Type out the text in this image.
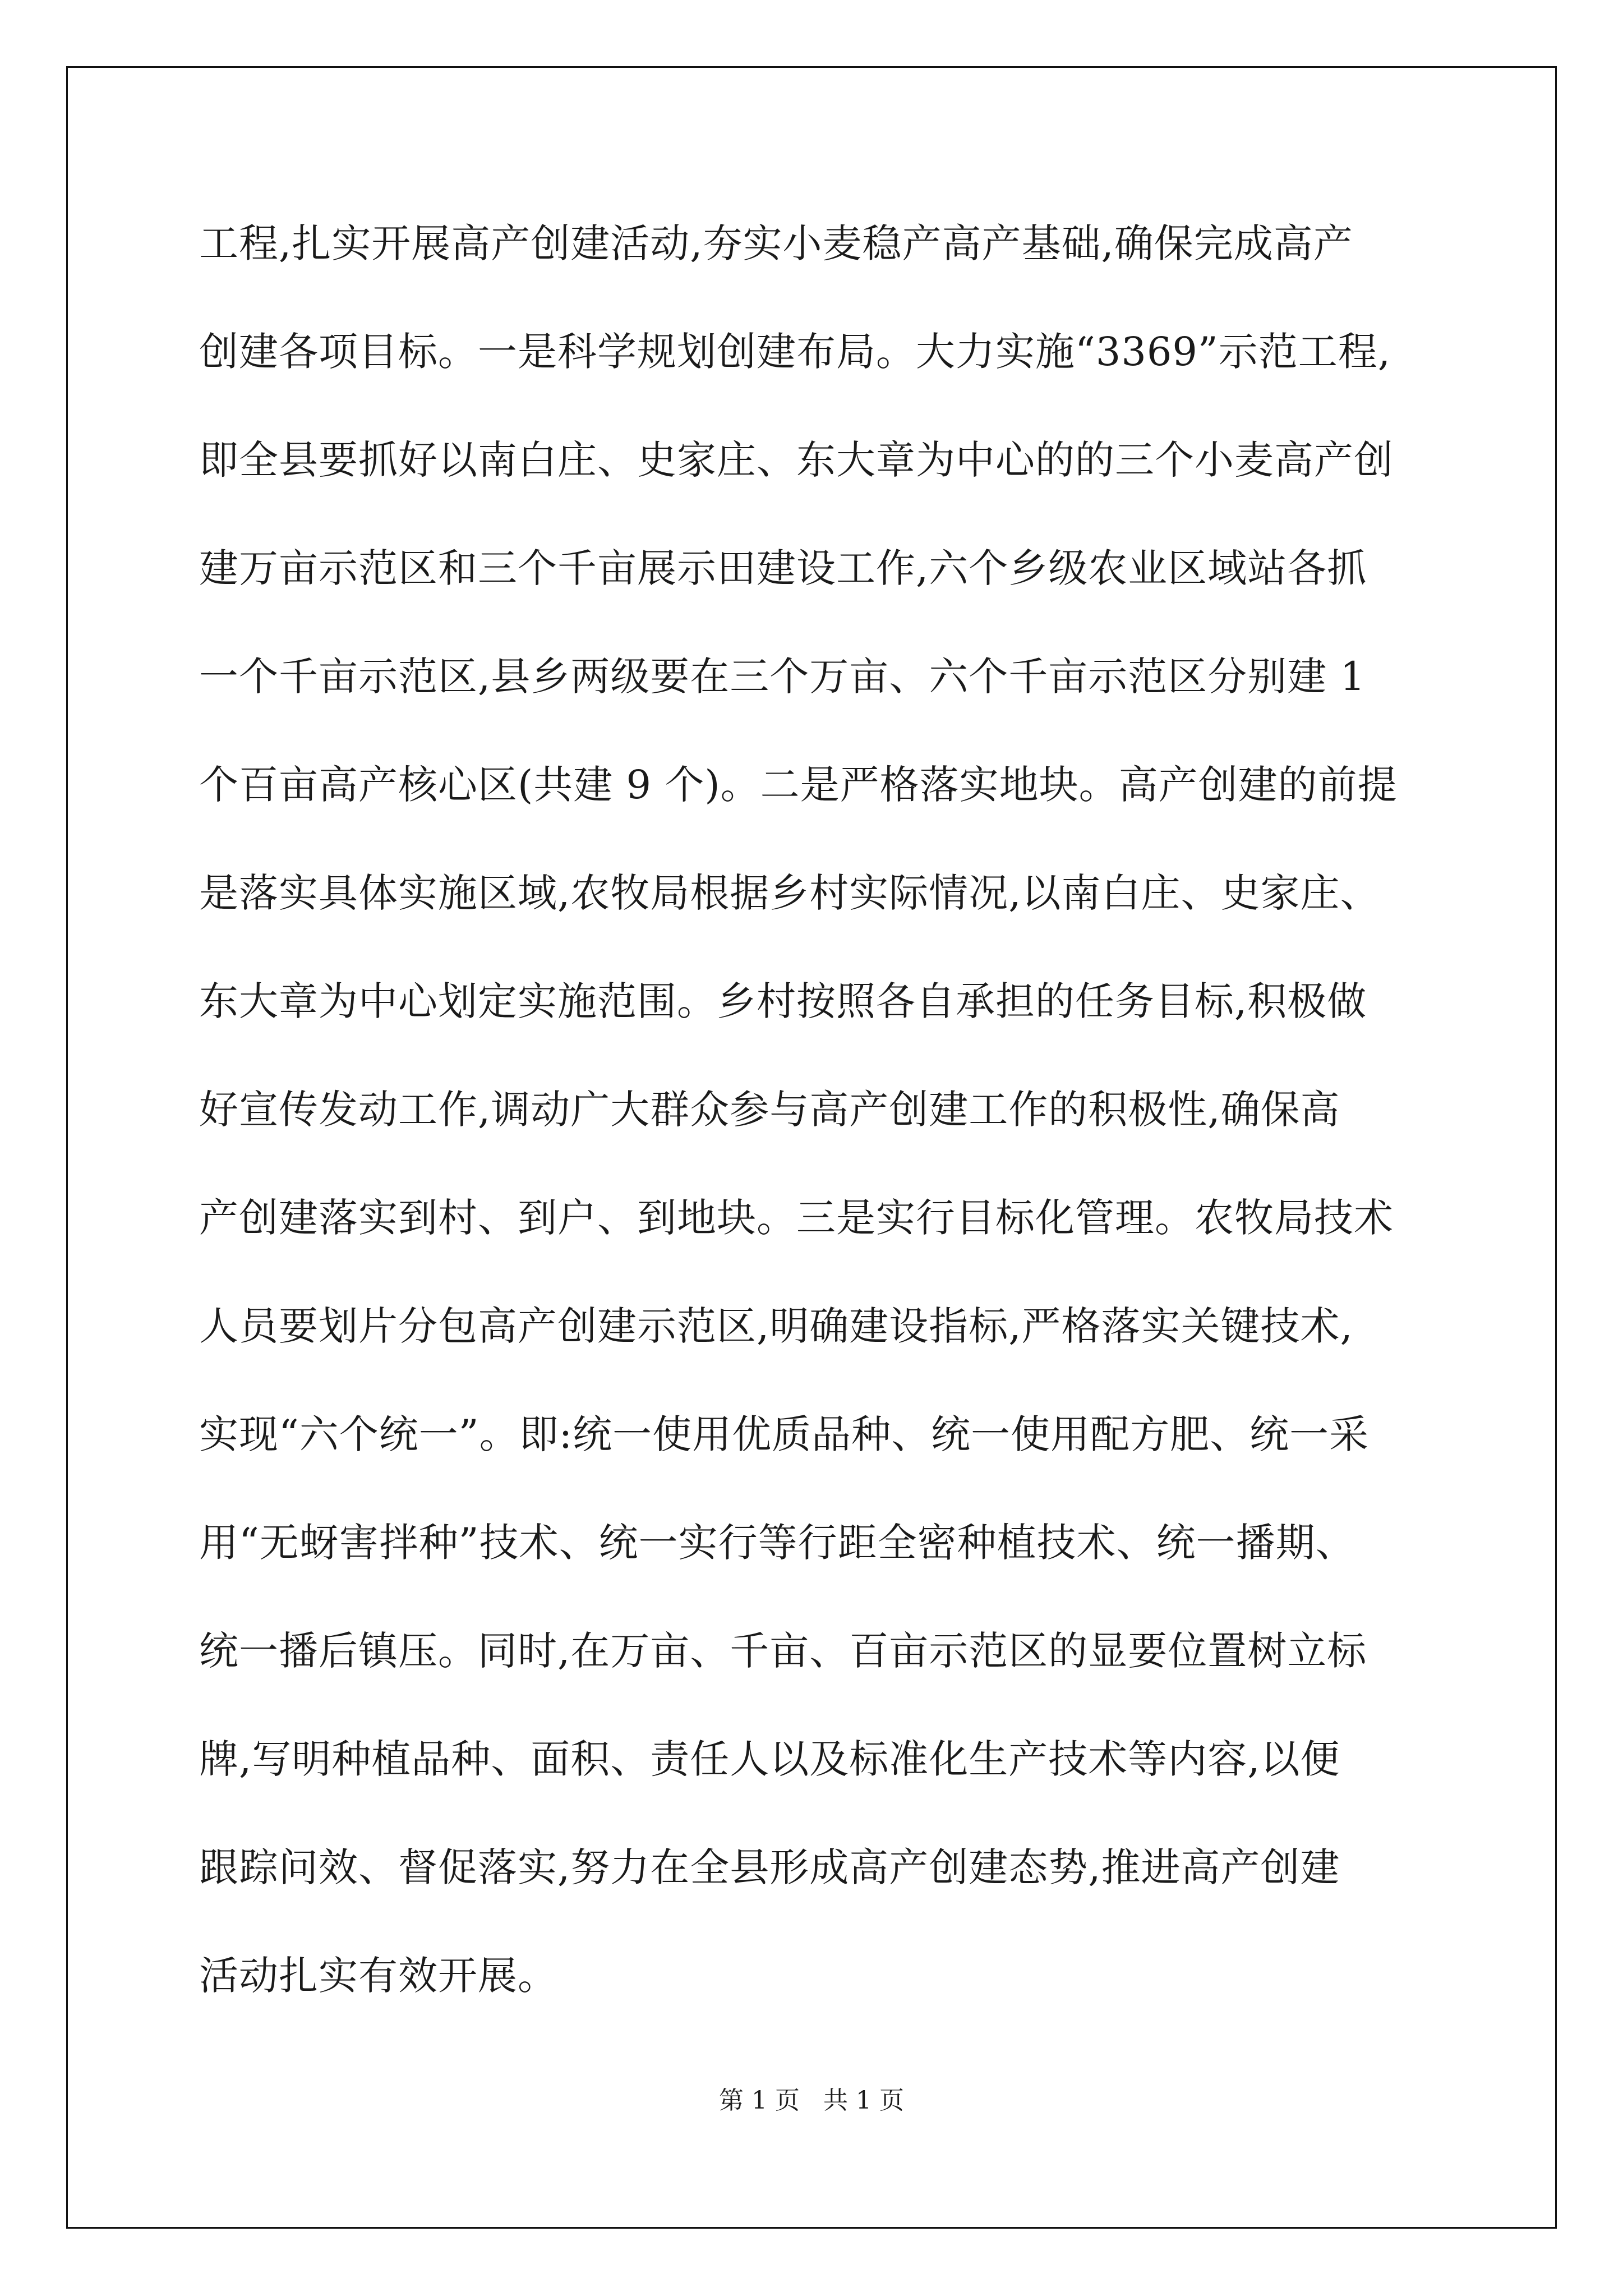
工程,扎实开展高产创建活动,夯实小麦稳产高产基础,确保完成高产
创建各项目标。一是科学规划创建布局。大力实施“3369”示范工程,
即全县要抓好以南白庄、史家庄、东大章为中心的的三个小麦高产创
建万亩示范区和三个千亩展示田建设工作,六个乡级农业区域站各抓
一个千亩示范区,县乡两级要在三个万亩、六个千亩示范区分别建 1
个百亩高产核心区(共建 9 个)。二是严格落实地块。高产创建的前提
是落实具体实施区域,农牧局根据乡村实际情况,以南白庄、史家庄、
东大章为中心划定实施范围。乡村按照各自承担的任务目标,积极做
好宣传发动工作,调动广大群众参与高产创建工作的积极性,确保高
产创建落实到村、到户、到地块。三是实行目标化管理。农牧局技术
人员要划片分包高产创建示范区,明确建设指标,严格落实关键技术,
实现“六个统一”。即:统一使用优质品种、统一使用配方肥、统一采
用“无蚜害拌种”技术、统一实行等行距全密种植技术、统一播期、
统一播后镇压。同时,在万亩、千亩、百亩示范区的显要位置树立标
牌,写明种植品种、面积、责任人以及标准化生产技术等内容,以便
跟踪问效、督促落实,努力在全县形成高产创建态势,推进高产创建
活动扎实有效开展。
第 1 页   共 1 页
